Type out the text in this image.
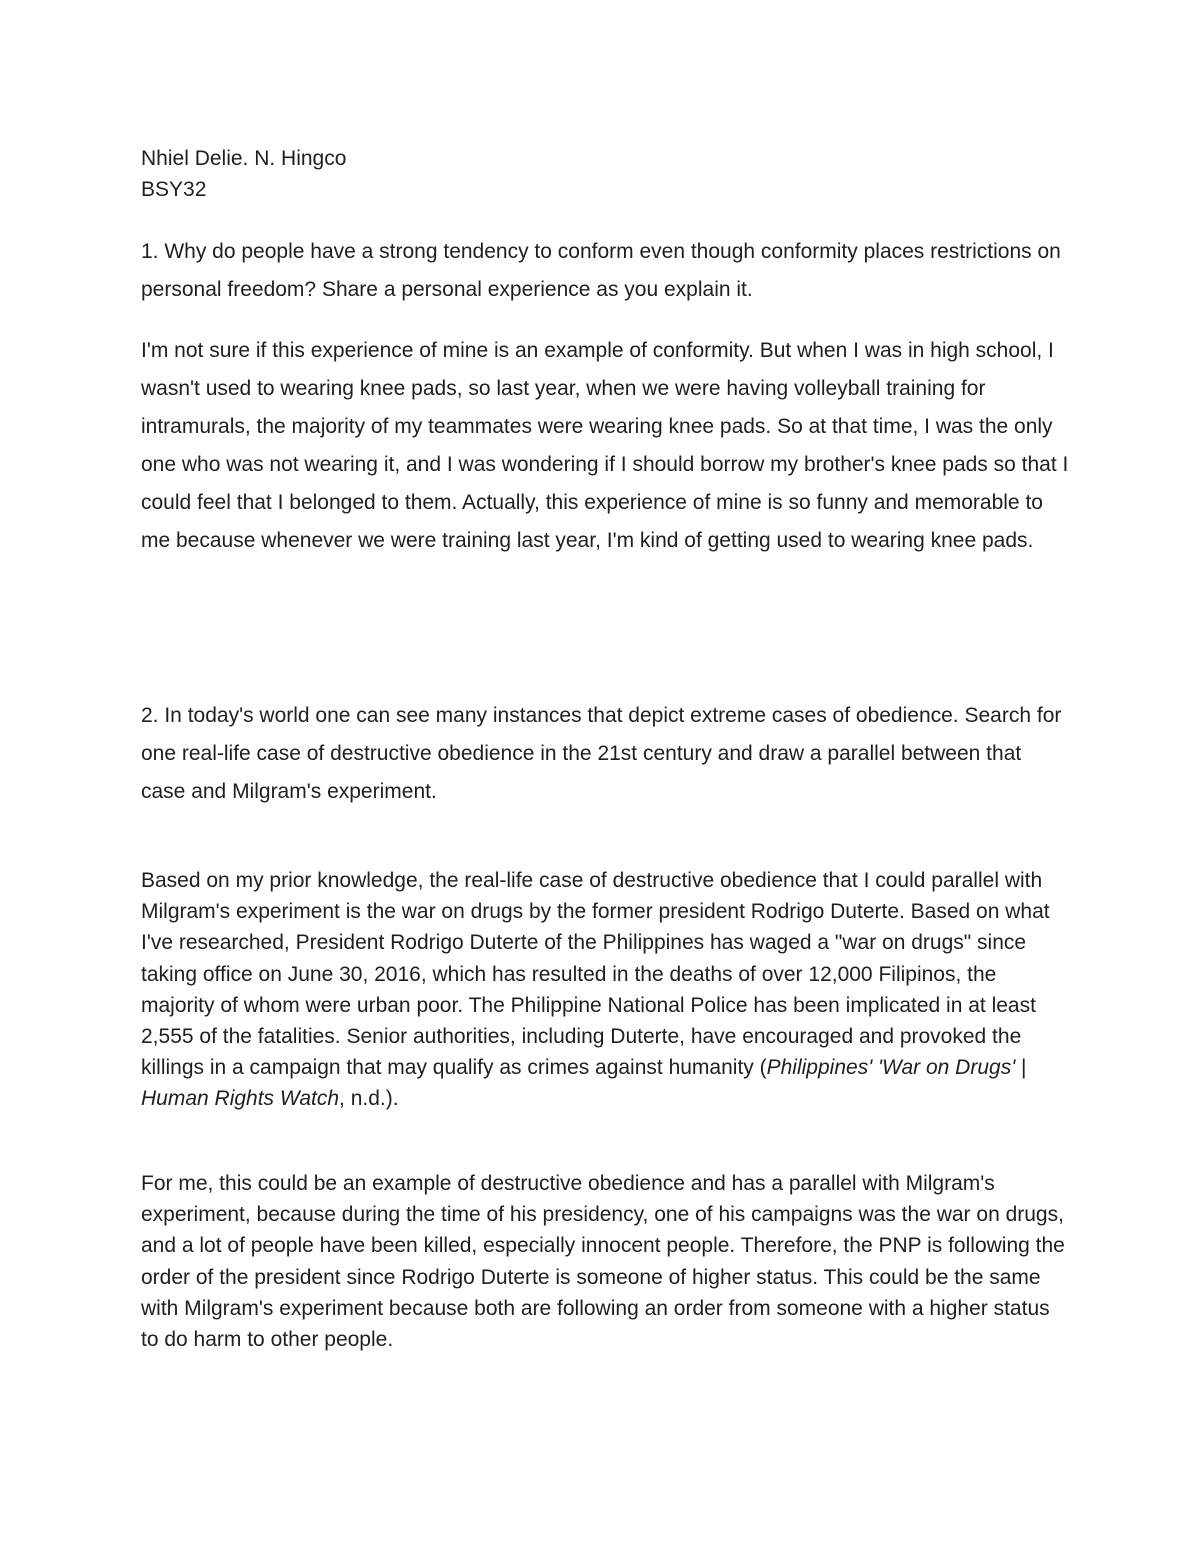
Nhiel Delie. N. Hingco
BSY32

1. Why do people have a strong tendency to conform even though conformity places restrictions on personal freedom? Share a personal experience as you explain it.

I'm not sure if this experience of mine is an example of conformity. But when I was in high school, I wasn't used to wearing knee pads, so last year, when we were having volleyball training for intramurals, the majority of my teammates were wearing knee pads. So at that time, I was the only one who was not wearing it, and I was wondering if I should borrow my brother's knee pads so that I could feel that I belonged to them. Actually, this experience of mine is so funny and memorable to me because whenever we were training last year, I'm kind of getting used to wearing knee pads.

2. In today's world one can see many instances that depict extreme cases of obedience. Search for one real-life case of destructive obedience in the 21st century and draw a parallel between that case and Milgram's experiment.

Based on my prior knowledge, the real-life case of destructive obedience that I could parallel with Milgram's experiment is the war on drugs by the former president Rodrigo Duterte. Based on what I've researched, President Rodrigo Duterte of the Philippines has waged a "war on drugs" since taking office on June 30, 2016, which has resulted in the deaths of over 12,000 Filipinos, the majority of whom were urban poor. The Philippine National Police has been implicated in at least 2,555 of the fatalities. Senior authorities, including Duterte, have encouraged and provoked the killings in a campaign that may qualify as crimes against humanity (Philippines' 'War on Drugs' | Human Rights Watch, n.d.).

For me, this could be an example of destructive obedience and has a parallel with Milgram's experiment, because during the time of his presidency, one of his campaigns was the war on drugs, and a lot of people have been killed, especially innocent people. Therefore, the PNP is following the order of the president since Rodrigo Duterte is someone of higher status. This could be the same with Milgram's experiment because both are following an order from someone with a higher status to do harm to other people.
